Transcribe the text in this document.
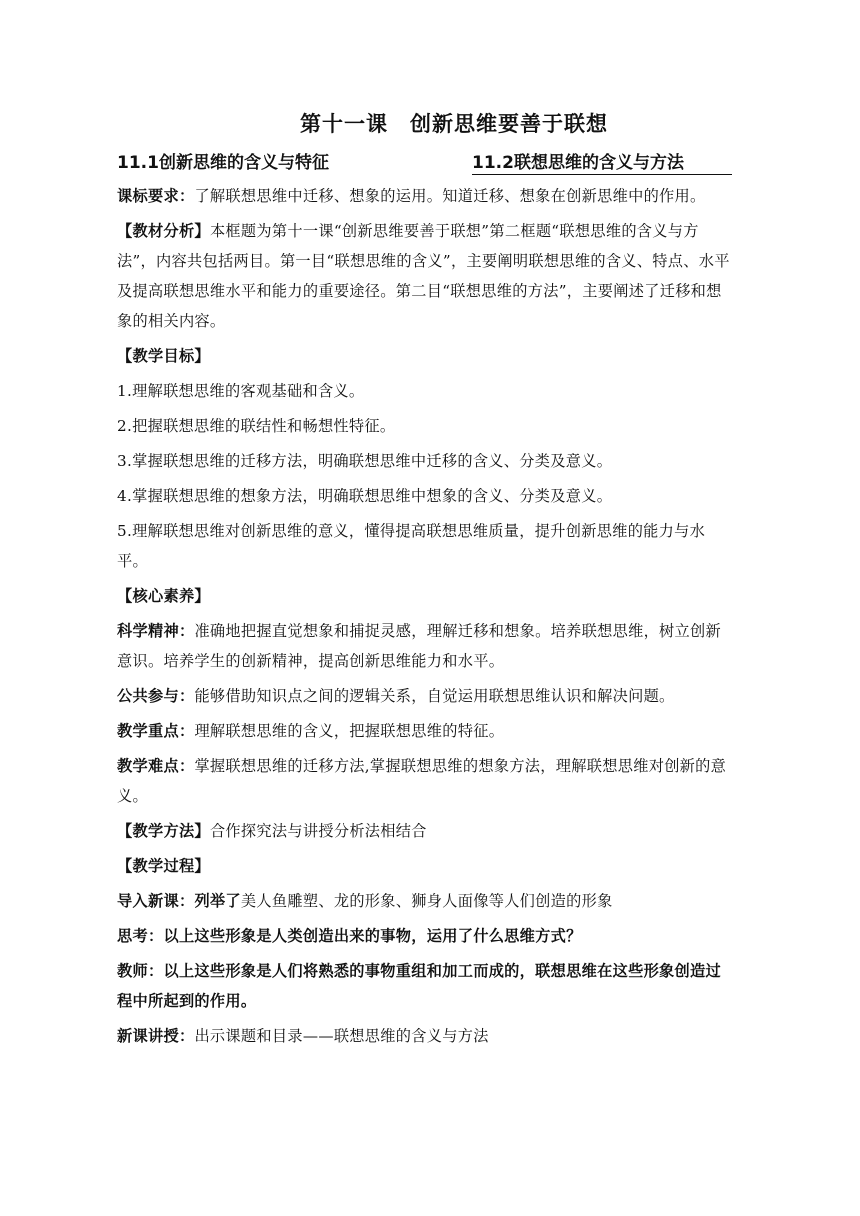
第十一课　创新思维要善于联想
11.1创新思维的含义与特征	11.2联想思维的含义与方法

课标要求：了解联想思维中迁移、想象的运用。知道迁移、想象在创新思维中的作用。

【教材分析】本框题为第十一课“创新思维要善于联想”第二框题“联想思维的含义与方法”，内容共包括两目。第一目“联想思维的含义”，主要阐明联想思维的含义、特点、水平及提高联想思维水平和能力的重要途径。第二目“联想思维的方法”，主要阐述了迁移和想象的相关内容。

【教学目标】

1.理解联想思维的客观基础和含义。

2.把握联想思维的联结性和畅想性特征。

3.掌握联想思维的迁移方法，明确联想思维中迁移的含义、分类及意义。

4.掌握联想思维的想象方法，明确联想思维中想象的含义、分类及意义。

5.理解联想思维对创新思维的意义，懂得提高联想思维质量，提升创新思维的能力与水平。

【核心素养】

科学精神：准确地把握直觉想象和捕捉灵感，理解迁移和想象。培养联想思维，树立创新意识。培养学生的创新精神，提高创新思维能力和水平。

公共参与：能够借助知识点之间的逻辑关系，自觉运用联想思维认识和解决问题。

教学重点：理解联想思维的含义，把握联想思维的特征。

教学难点：掌握联想思维的迁移方法,掌握联想思维的想象方法，理解联想思维对创新的意义。

【教学方法】合作探究法与讲授分析法相结合

【教学过程】

导入新课：列举了美人鱼雕塑、龙的形象、狮身人面像等人们创造的形象

思考：以上这些形象是人类创造出来的事物，运用了什么思维方式？

教师：以上这些形象是人们将熟悉的事物重组和加工而成的，联想思维在这些形象创造过程中所起到的作用。

新课讲授：出示课题和目录——联想思维的含义与方法
